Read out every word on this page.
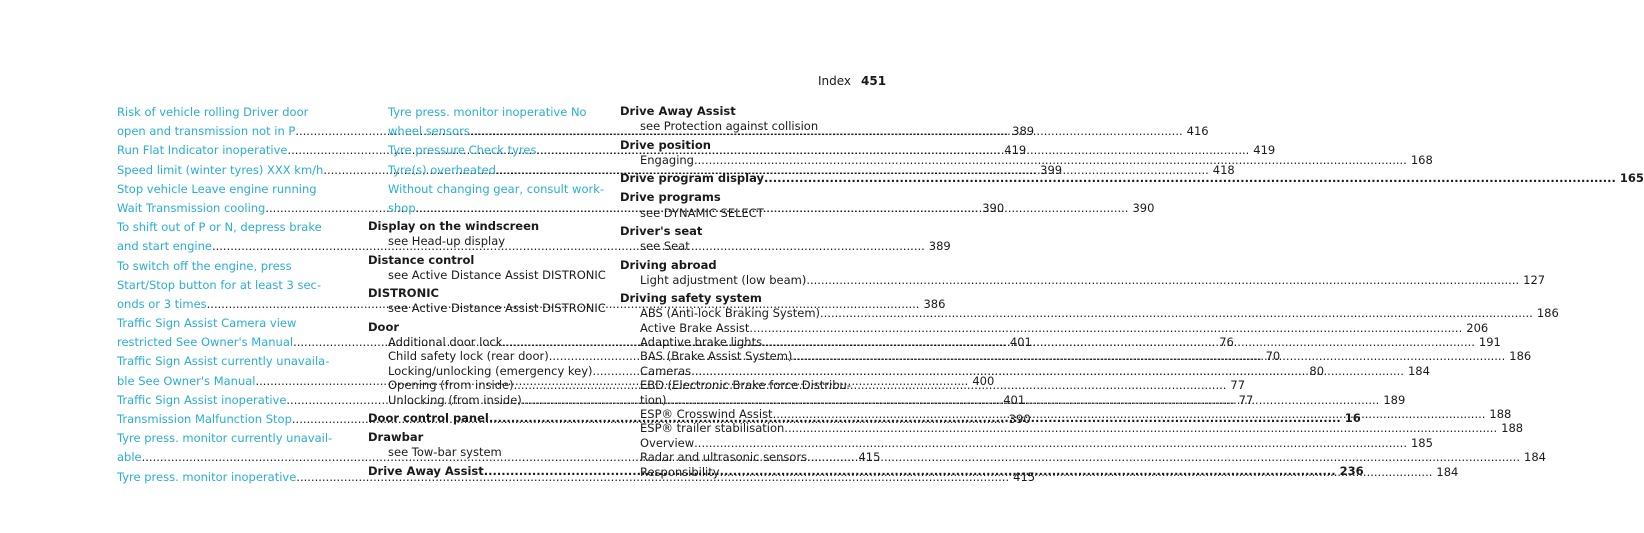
Index 451
Risk of vehicle rolling Driver door
open and transmission not in P .....	389
Run Flat Indicator inoperative .....	419
Speed limit (winter tyres) XXX km/h .....	399
Stop vehicle Leave engine running
Wait Transmission cooling .....	390
To shift out of P or N, depress brake
and start engine .....	389
To switch off the engine, press
Start/Stop button for at least 3 sec-
onds or 3 times .....	386
Traffic Sign Assist Camera view
restricted See Owner's Manual .....	401
Traffic Sign Assist currently unavaila-
ble See Owner's Manual .....	400
Traffic Sign Assist inoperative .....	401
Transmission Malfunction Stop .....	390
Tyre press. monitor currently unavail-
able .....	415
Tyre press. monitor inoperative .....	415
Tyre press. monitor inoperative No
wheel sensors .....	416
Tyre pressure Check tyres .....	419
Tyre(s) overheated .....	418
Without changing gear, consult work-
shop .....	390
Display on the windscreen
see Head-up display
Distance control
see Active Distance Assist DISTRONIC
DISTRONIC
see Active Distance Assist DISTRONIC
Door
Additional door lock .....	76
Child safety lock (rear door) .....	70
Locking/unlocking (emergency key) .....	80
Opening (from inside) .....	77
Unlocking (from inside) .....	77
Door control panel .....	16
Drawbar
see Tow-bar system
Drive Away Assist .....	236
Drive Away Assist
see Protection against collision
Drive position
Engaging .....	168
Drive program display .....	165
Drive programs
see DYNAMIC SELECT
Driver's seat
see Seat
Driving abroad
Light adjustment (low beam) .....	127
Driving safety system
ABS (Anti-lock Braking System) .....	186
Active Brake Assist .....	206
Adaptive brake lights .....	191
BAS (Brake Assist System) .....	186
Cameras .....	184
EBD (Electronic Brake force Distribu-
tion) .....	189
ESP® Crosswind Assist .....	188
ESP® trailer stabilisation .....	188
Overview .....	185
Radar and ultrasonic sensors .....	184
Responsibility .....	184
